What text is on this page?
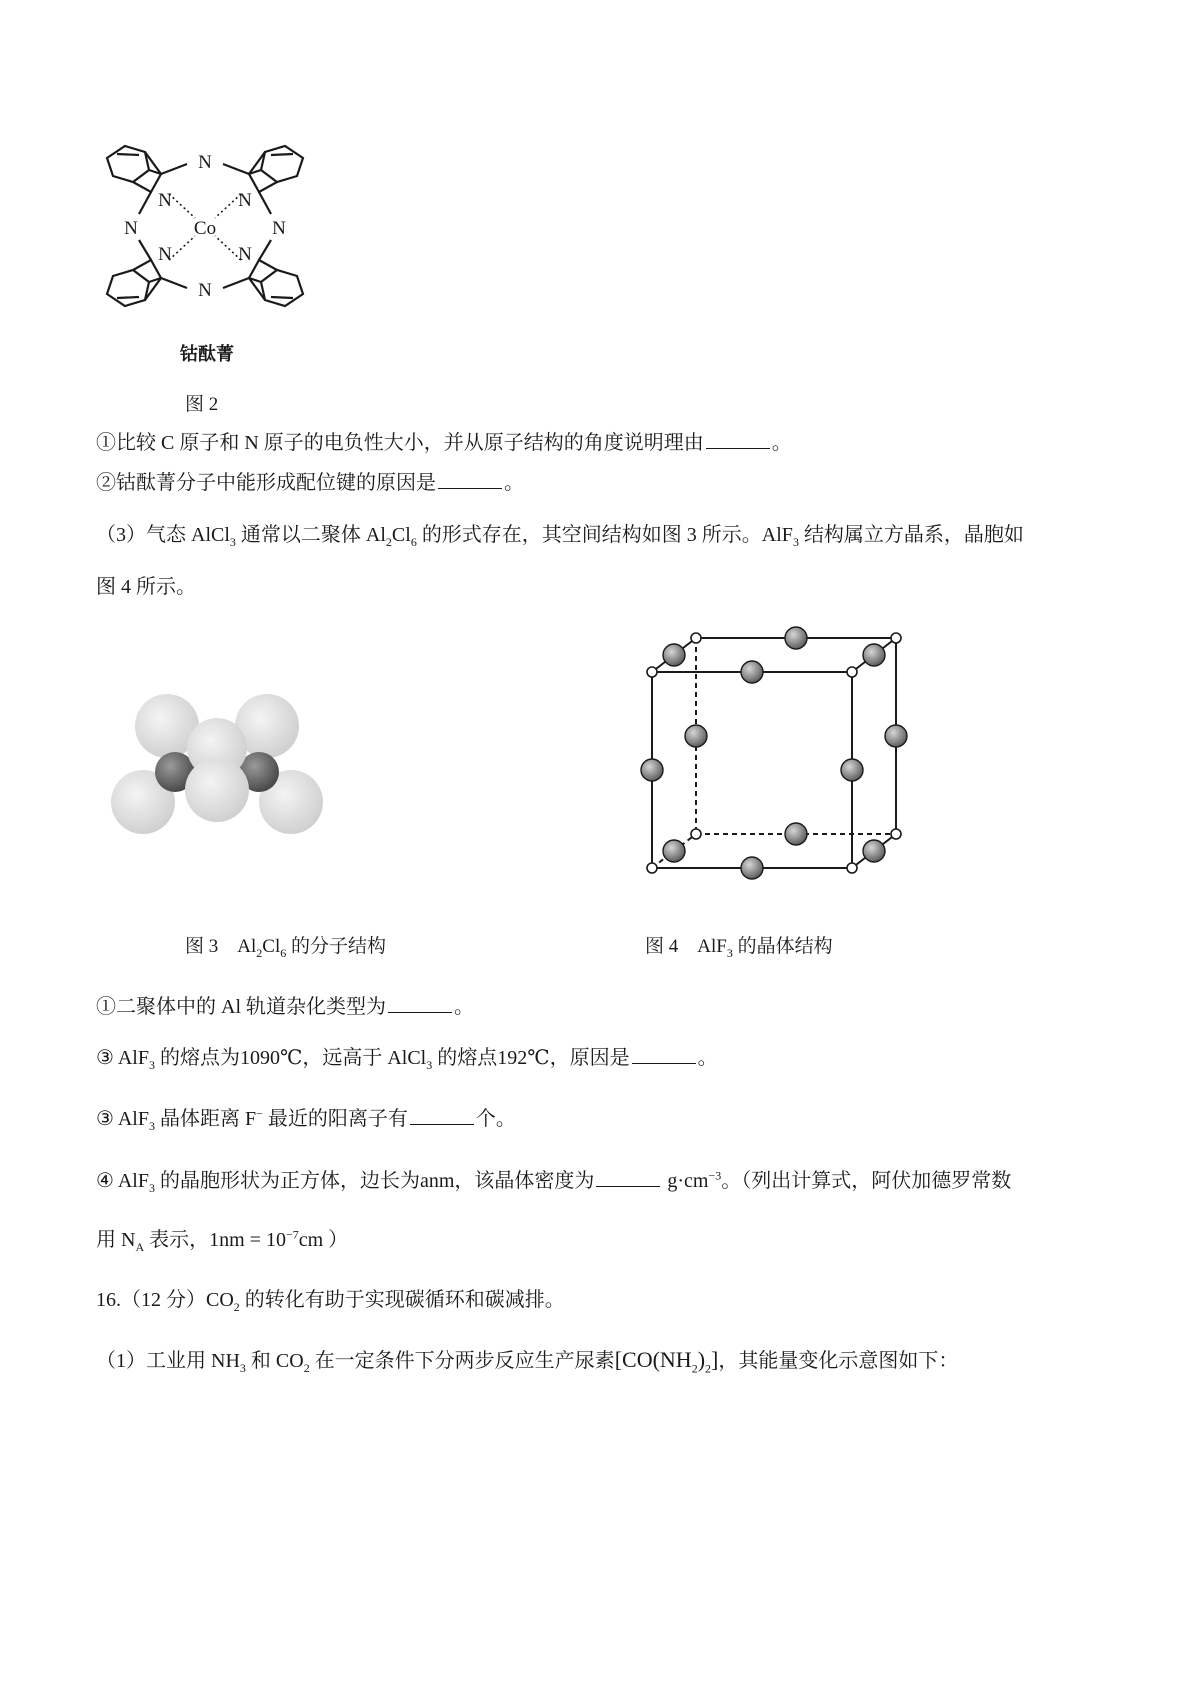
Co
N
N
N	N
N	N
N	N
钴酞菁
图 2
①比较 C 原子和 N 原子的电负性大小，并从原子结构的角度说明理由	。
②钴酞菁分子中能形成配位键的原因是	。
（3）气态 AlCl$_3$ 通常以二聚体 $Al_2Cl_6$ 的形式存在，其空间结构如图 3 所示。AlF$_3$ 结构属立方晶系，晶胞如
图 4 所示。
图 3　$Al_2Cl_6$ 的分子结构	图 4　AlF$_3$ 的晶体结构
①二聚体中的 Al 轨道杂化类型为	。
③ AlF$_3$ 的熔点为1090℃，远高于 AlCl$_3$ 的熔点192℃，原因是	。
③ AlF$_3$ 晶体距离 F− 最近的阳离子有	个。
④ AlF$_3$ 的晶胞形状为正方体，边长为anm，该晶体密度为	$g\cdot cm^{-3}$。（列出计算式，阿伏加德罗常数
用 $N_A$ 表示，$1nm = 10^{-7}cm$ ）
16.（12 分）$CO_2$ 的转化有助于实现碳循环和碳减排。
（1）工业用 $NH_3$ 和 $CO_2$ 在一定条件下分两步反应生产尿素$[CO(NH_2)_2]$，其能量变化示意图如下：
